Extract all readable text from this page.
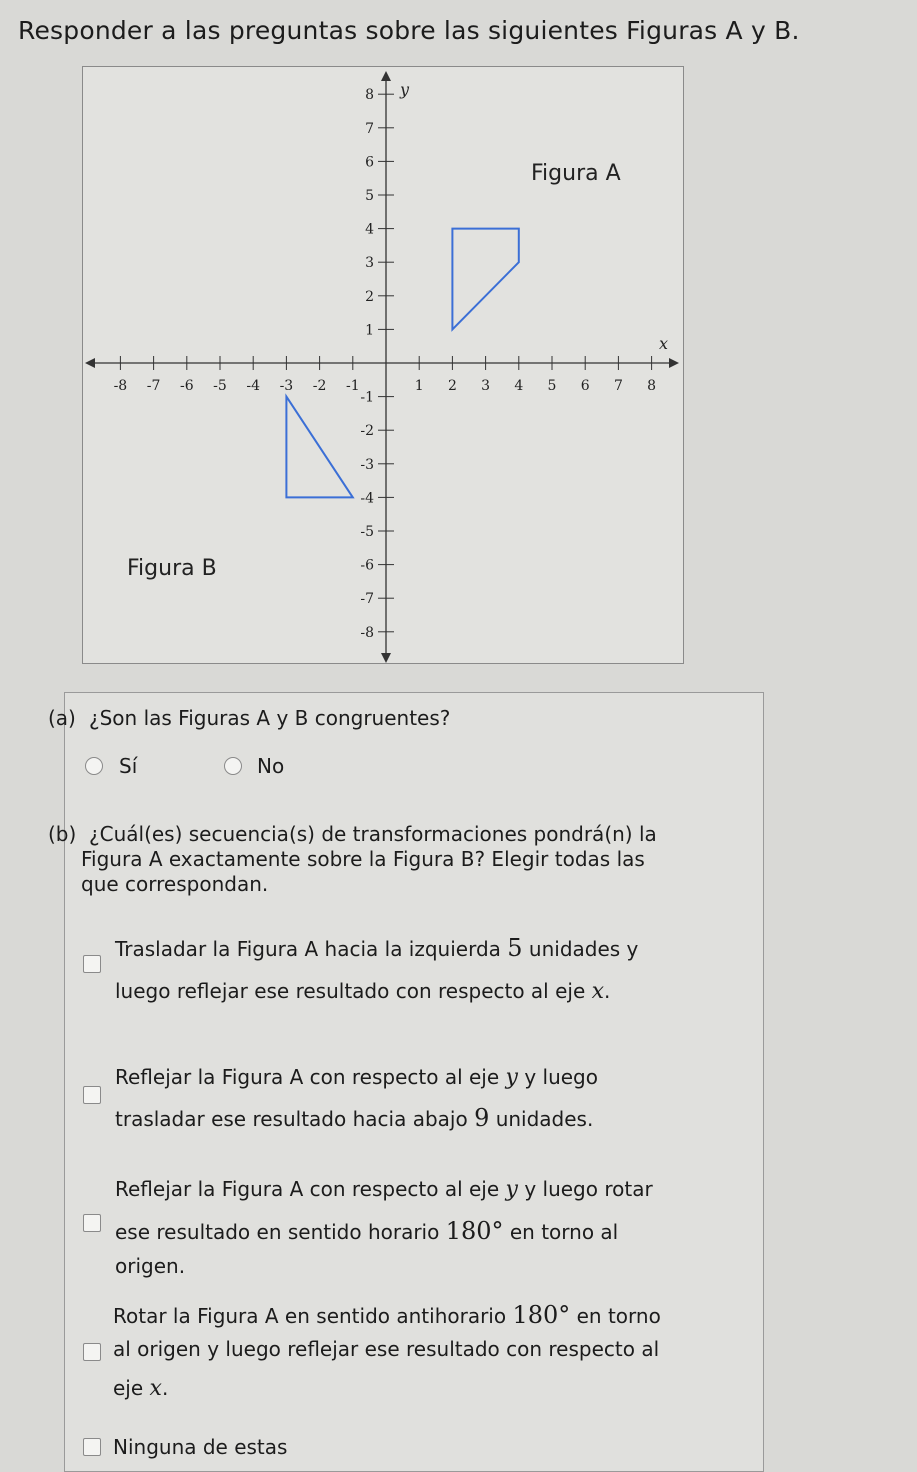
Responder a las preguntas sobre las siguientes Figuras A y B.
-8 -7 -6 -5 -4 -3 -2 -1	1 2 3 4 5 6 7 8
8
7
6
5
4
3
2
1
-1
-2
-3
-4
-5
-6
-7
-8
x
y
Figura A
Figura B
(a) ¿Son las Figuras A y B congruentes?
Sí	No
(b) ¿Cuál(es) secuencia(s) de transformaciones pondrá(n) la
Figura A exactamente sobre la Figura B? Elegir todas las
que correspondan.
Trasladar la Figura A hacia la izquierda 5 unidades y
luego reflejar ese resultado con respecto al eje x.
Reflejar la Figura A con respecto al eje y y luego
trasladar ese resultado hacia abajo 9 unidades.
Reflejar la Figura A con respecto al eje y y luego rotar
ese resultado en sentido horario 180° en torno al
origen.
Rotar la Figura A en sentido antihorario 180° en torno
al origen y luego reflejar ese resultado con respecto al
eje x.
Ninguna de estas
